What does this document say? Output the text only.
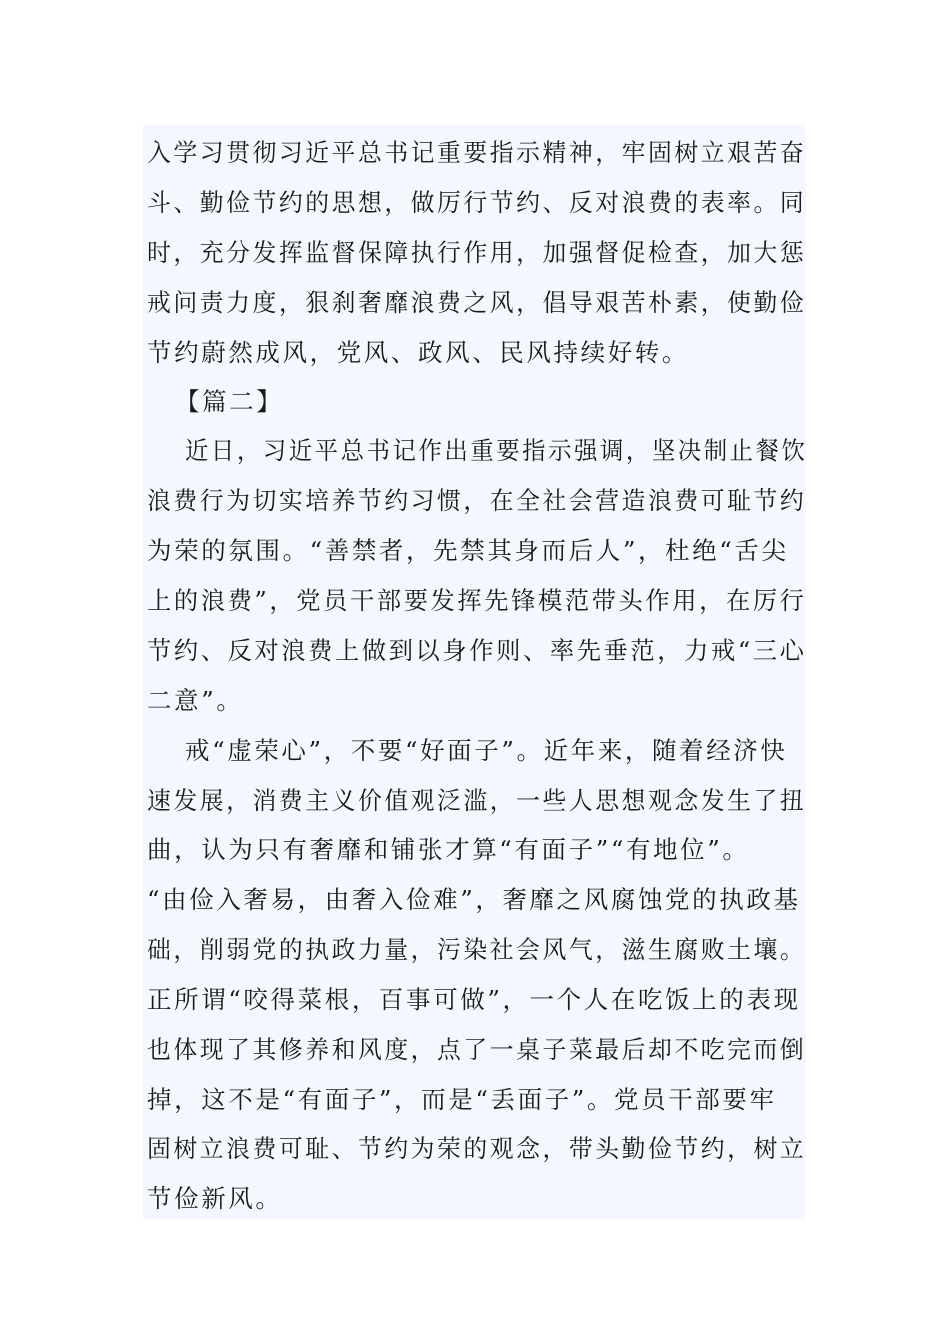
入学习贯彻习近平总书记重要指示精神，牢固树立艰苦奋
斗、勤俭节约的思想，做厉行节约、反对浪费的表率。同
时，充分发挥监督保障执行作用，加强督促检查，加大惩
戒问责力度，狠刹奢靡浪费之风，倡导艰苦朴素，使勤俭
节约蔚然成风，党风、政风、民风持续好转。
【篇二】
近日，习近平总书记作出重要指示强调，坚决制止餐饮
浪费行为切实培养节约习惯，在全社会营造浪费可耻节约
为荣的氛围。“善禁者，先禁其身而后人”，杜绝“舌尖
上的浪费”，党员干部要发挥先锋模范带头作用，在厉行
节约、反对浪费上做到以身作则、率先垂范，力戒“三心
二意”。
戒“虚荣心”，不要“好面子”。近年来，随着经济快
速发展，消费主义价值观泛滥，一些人思想观念发生了扭
曲，认为只有奢靡和铺张才算“有面子”“有地位”。
“由俭入奢易，由奢入俭难”，奢靡之风腐蚀党的执政基
础，削弱党的执政力量，污染社会风气，滋生腐败土壤。
正所谓“咬得菜根，百事可做”，一个人在吃饭上的表现
也体现了其修养和风度，点了一桌子菜最后却不吃完而倒
掉，这不是“有面子”，而是“丢面子”。党员干部要牢
固树立浪费可耻、节约为荣的观念，带头勤俭节约，树立
节俭新风。
